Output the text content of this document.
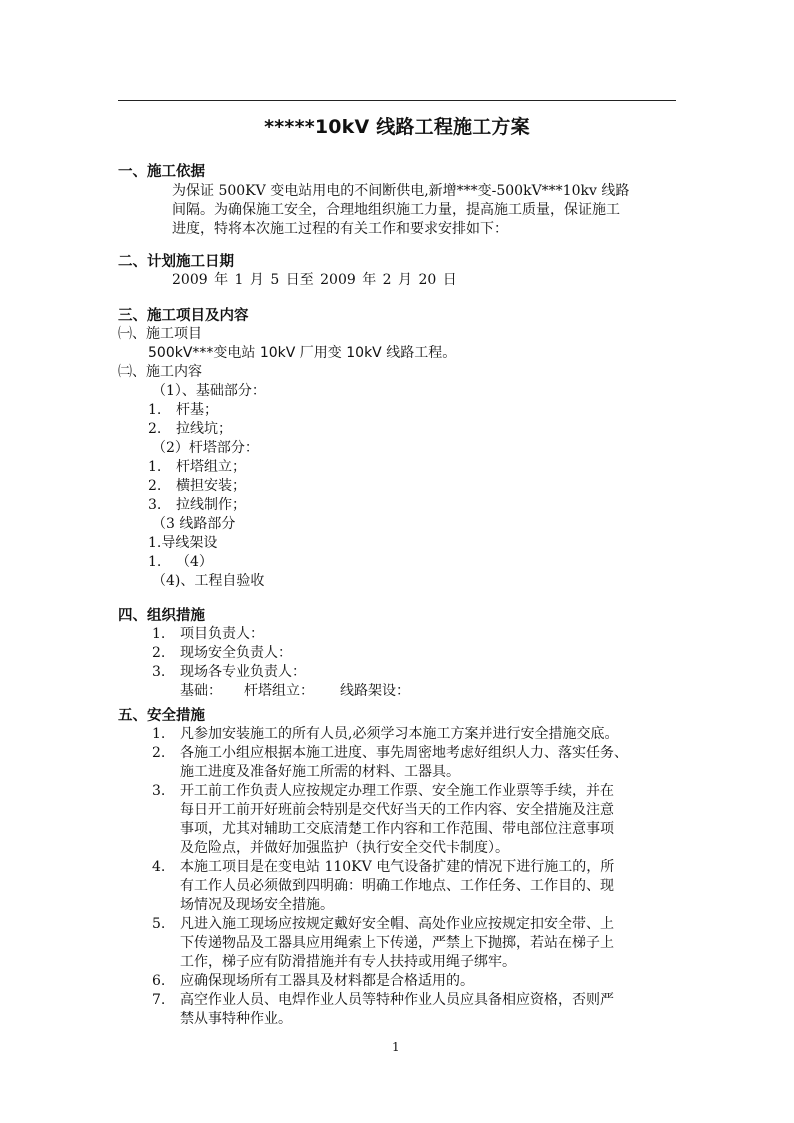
*****10kV 线路工程施工方案
一、施工依据
为保证 500KV 变电站用电的不间断供电,新增***变-500kV***10kv 线路
间隔。为确保施工安全，合理地组织施工力量，提高施工质量，保证施工
进度，特将本次施工过程的有关工作和要求安排如下：
二、计划施工日期
2009 年 1 月 5 日至 2009 年 2 月 20 日
三、施工项目及内容
㈠、施工项目
500kV***变电站 10kV 厂用变 10kV 线路工程。
㈡、施工内容
（1）、基础部分：
1. 杆基；
2. 拉线坑；
（2）杆塔部分：
1. 杆塔组立；
2. 横担安装；
3. 拉线制作；
（3 线路部分
1.导线架设
1. （4）
（4)、工程自验收
四、组织措施
1. 项目负责人：
2. 现场安全负责人：
3. 现场各专业负责人：
基础： 杆塔组立： 线路架设：
五、安全措施
1. 凡参加安装施工的所有人员,必须学习本施工方案并进行安全措施交底。
2. 各施工小组应根据本施工进度、事先周密地考虑好组织人力、落实任务、
施工进度及准备好施工所需的材料、工器具。
3. 开工前工作负责人应按规定办理工作票、安全施工作业票等手续，并在
每日开工前开好班前会特别是交代好当天的工作内容、安全措施及注意
事项，尤其对辅助工交底清楚工作内容和工作范围、带电部位注意事项
及危险点，并做好加强监护（执行安全交代卡制度）。
4. 本施工项目是在变电站 110KV 电气设备扩建的情况下进行施工的，所
有工作人员必须做到四明确：明确工作地点、工作任务、工作目的、现
场情况及现场安全措施。
5. 凡进入施工现场应按规定戴好安全帽、高处作业应按规定扣安全带、上
下传递物品及工器具应用绳索上下传递，严禁上下抛掷，若站在梯子上
工作，梯子应有防滑措施并有专人扶持或用绳子绑牢。
6. 应确保现场所有工器具及材料都是合格适用的。
7. 高空作业人员、电焊作业人员等特种作业人员应具备相应资格，否则严
禁从事特种作业。
1
